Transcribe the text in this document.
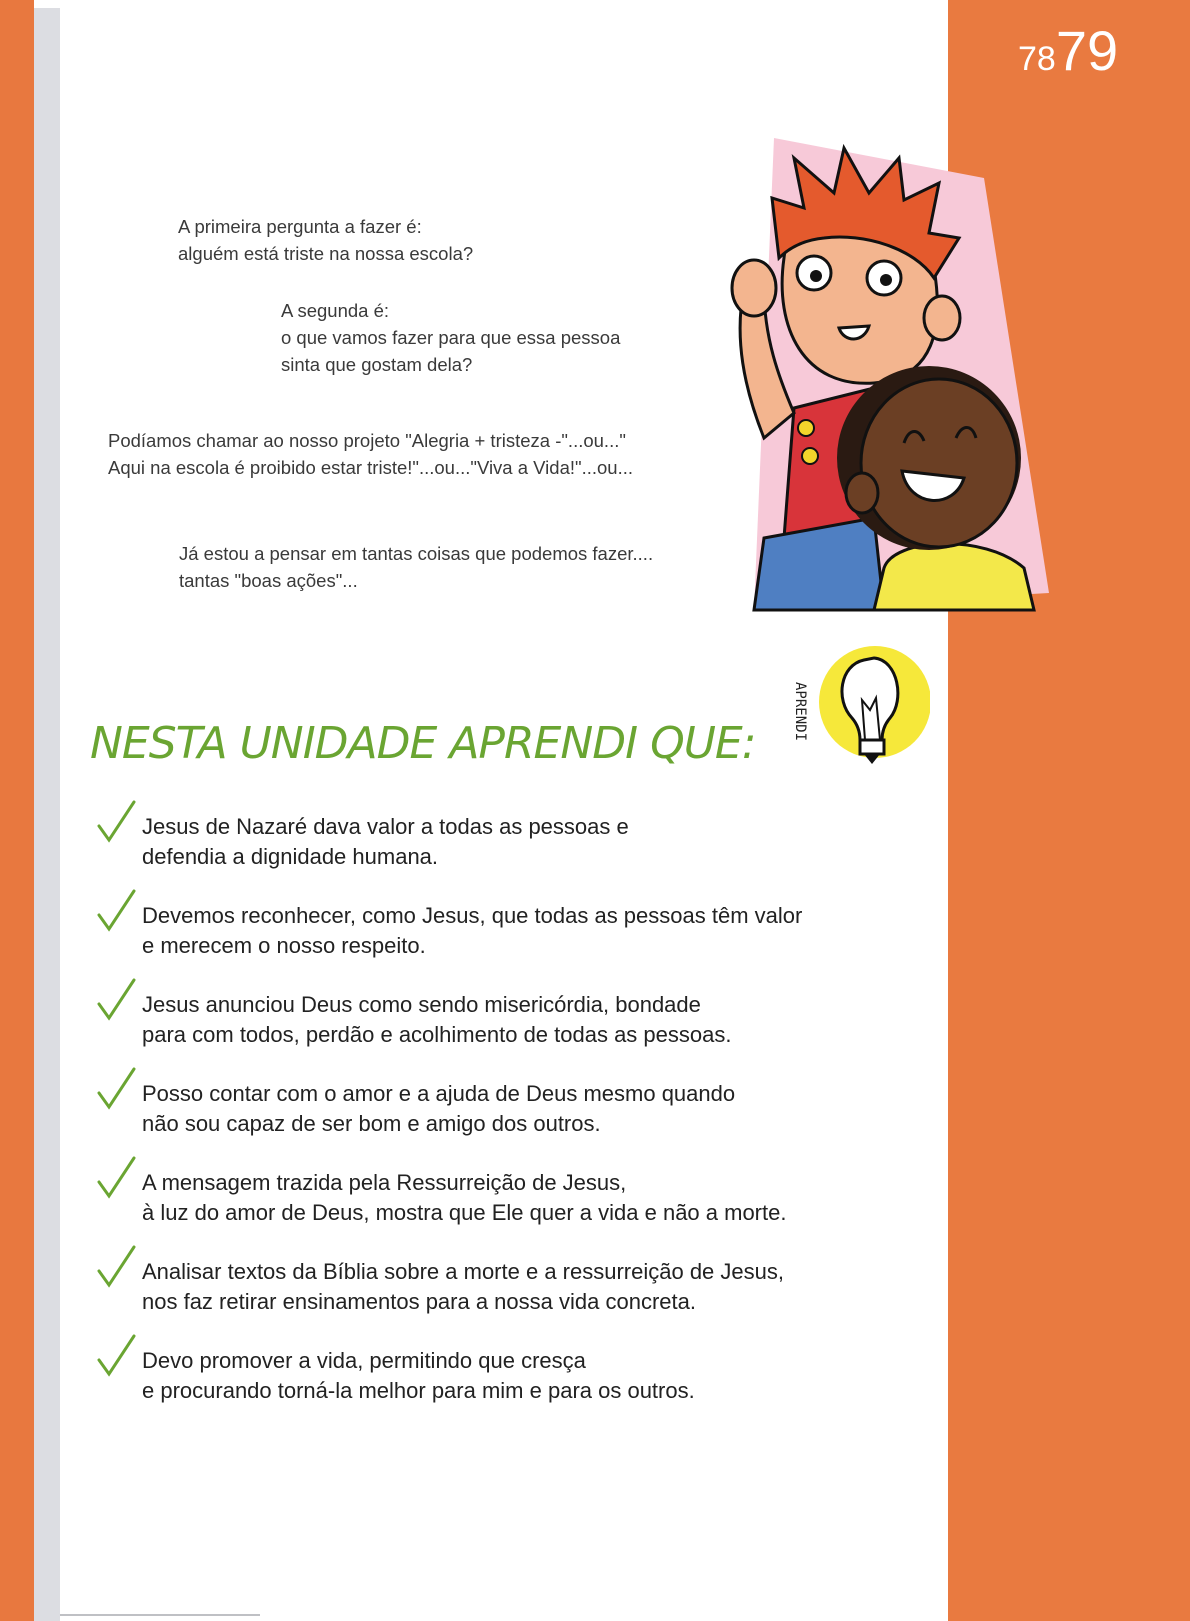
7879
A primeira pergunta a fazer é:
alguém está triste na nossa escola?
A segunda é:
o que vamos fazer para que essa pessoa
sinta que gostam dela?
Podíamos chamar ao nosso projeto "Alegria + tristeza -"...ou..."
Aqui na escola é proibido estar triste!"...ou..."Viva a Vida!"...ou...
Já estou a pensar em tantas coisas que podemos fazer....
tantas "boas ações"...
APRENDI
NESTA UNIDADE APRENDI QUE:
Jesus de Nazaré dava valor a todas as pessoas e
defendia a dignidade humana.
Devemos reconhecer, como Jesus, que todas as pessoas têm valor
e merecem o nosso respeito.
Jesus anunciou Deus como sendo misericórdia, bondade
para com todos, perdão e acolhimento de todas as pessoas.
Posso contar com o amor e a ajuda de Deus mesmo quando
não sou capaz de ser bom e amigo dos outros.
A mensagem trazida pela Ressurreição de Jesus,
à luz do amor de Deus, mostra que Ele quer a vida e não a morte.
Analisar textos da Bíblia sobre a morte e a ressurreição de Jesus,
nos faz retirar ensinamentos para a nossa vida concreta.
Devo promover a vida, permitindo que cresça
e procurando torná-la melhor para mim e para os outros.
